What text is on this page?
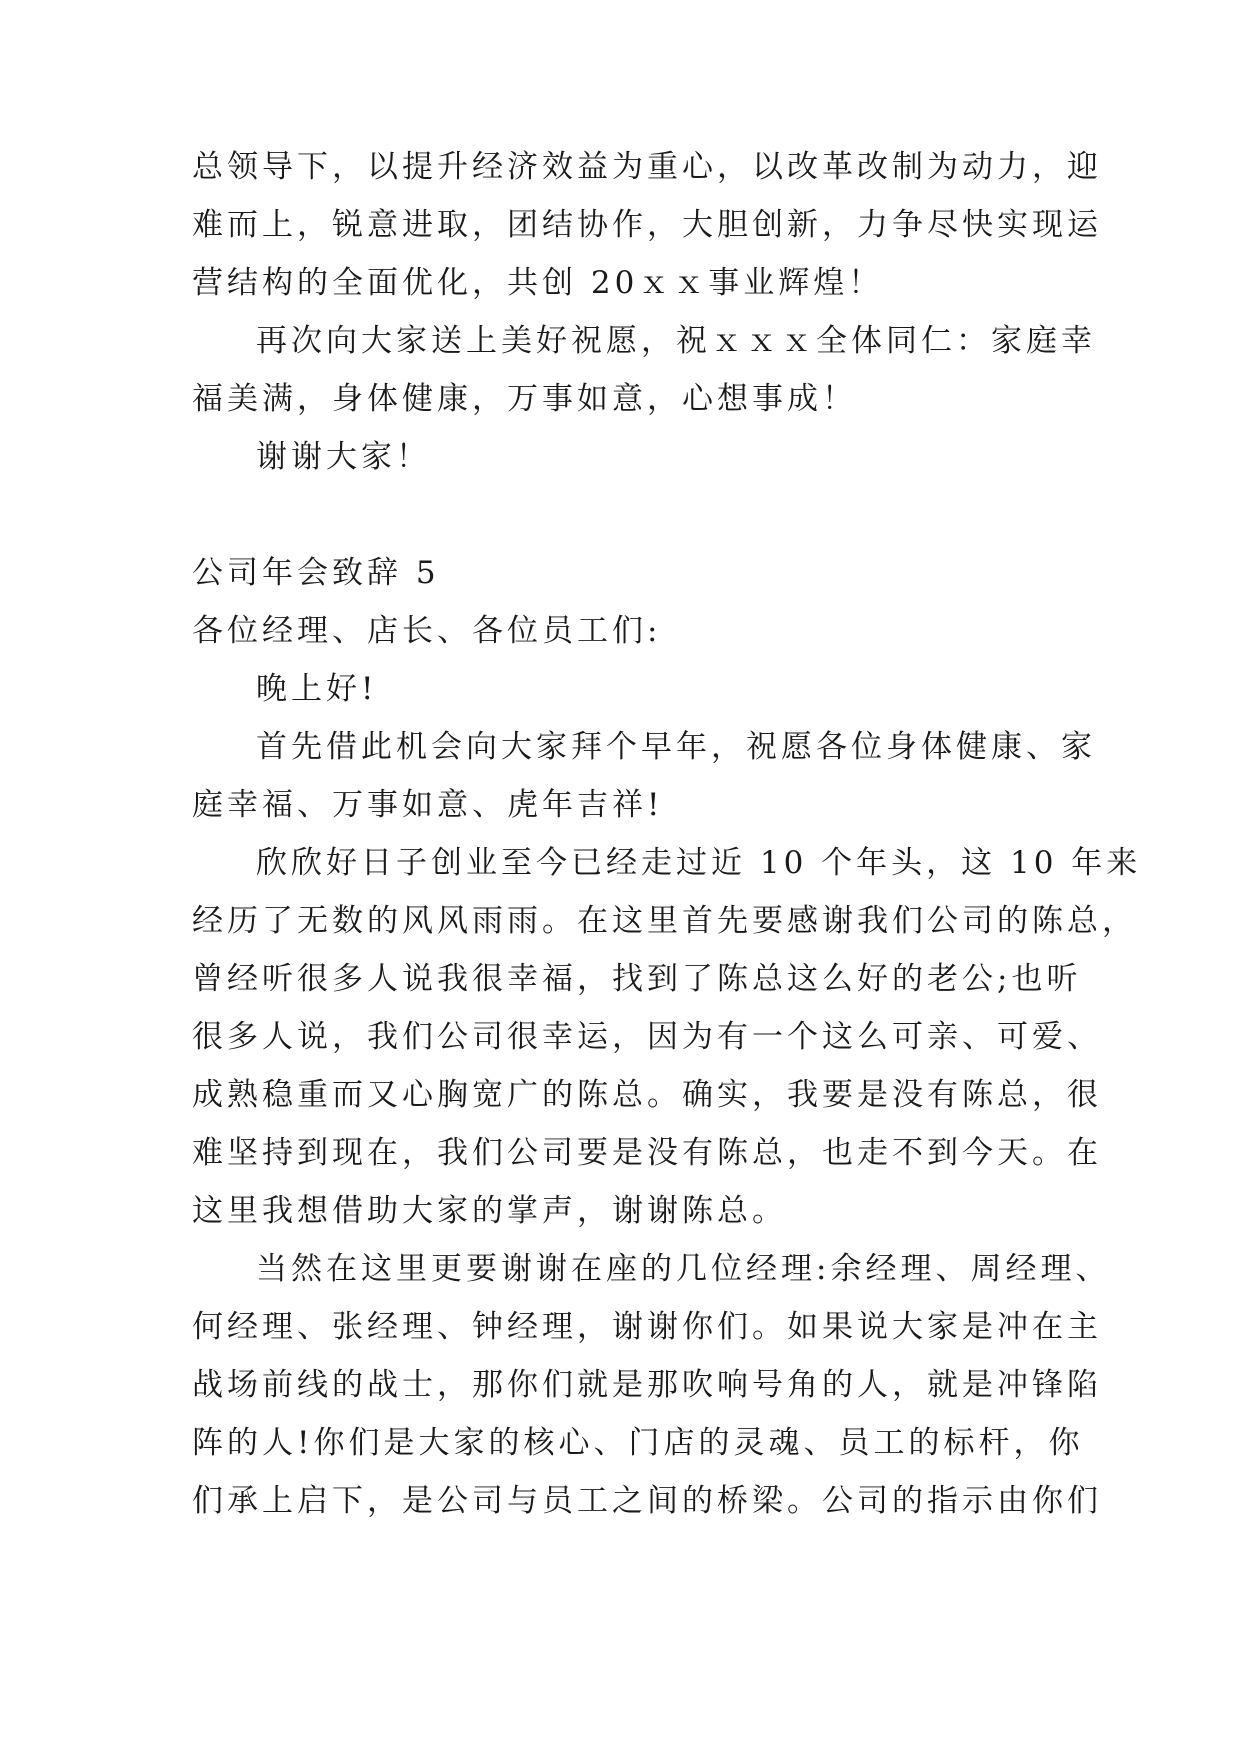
总领导下，以提升经济效益为重心，以改革改制为动力，迎
难而上，锐意进取，团结协作，大胆创新，力争尽快实现运
营结构的全面优化，共创 20ｘｘ事业辉煌！
再次向大家送上美好祝愿，祝ｘｘｘ全体同仁：家庭幸
福美满，身体健康，万事如意，心想事成！
谢谢大家！
公司年会致辞 5
各位经理、店长、各位员工们:
晚上好!
首先借此机会向大家拜个早年，祝愿各位身体健康、家
庭幸福、万事如意、虎年吉祥!
欣欣好日子创业至今已经走过近 10 个年头，这 10 年来
经历了无数的风风雨雨。在这里首先要感谢我们公司的陈总，
曾经听很多人说我很幸福，找到了陈总这么好的老公;也听
很多人说，我们公司很幸运，因为有一个这么可亲、可爱、
成熟稳重而又心胸宽广的陈总。确实，我要是没有陈总，很
难坚持到现在，我们公司要是没有陈总，也走不到今天。在
这里我想借助大家的掌声，谢谢陈总。
当然在这里更要谢谢在座的几位经理:余经理、周经理、
何经理、张经理、钟经理，谢谢你们。如果说大家是冲在主
战场前线的战士，那你们就是那吹响号角的人，就是冲锋陷
阵的人!你们是大家的核心、门店的灵魂、员工的标杆，你
们承上启下，是公司与员工之间的桥梁。公司的指示由你们
